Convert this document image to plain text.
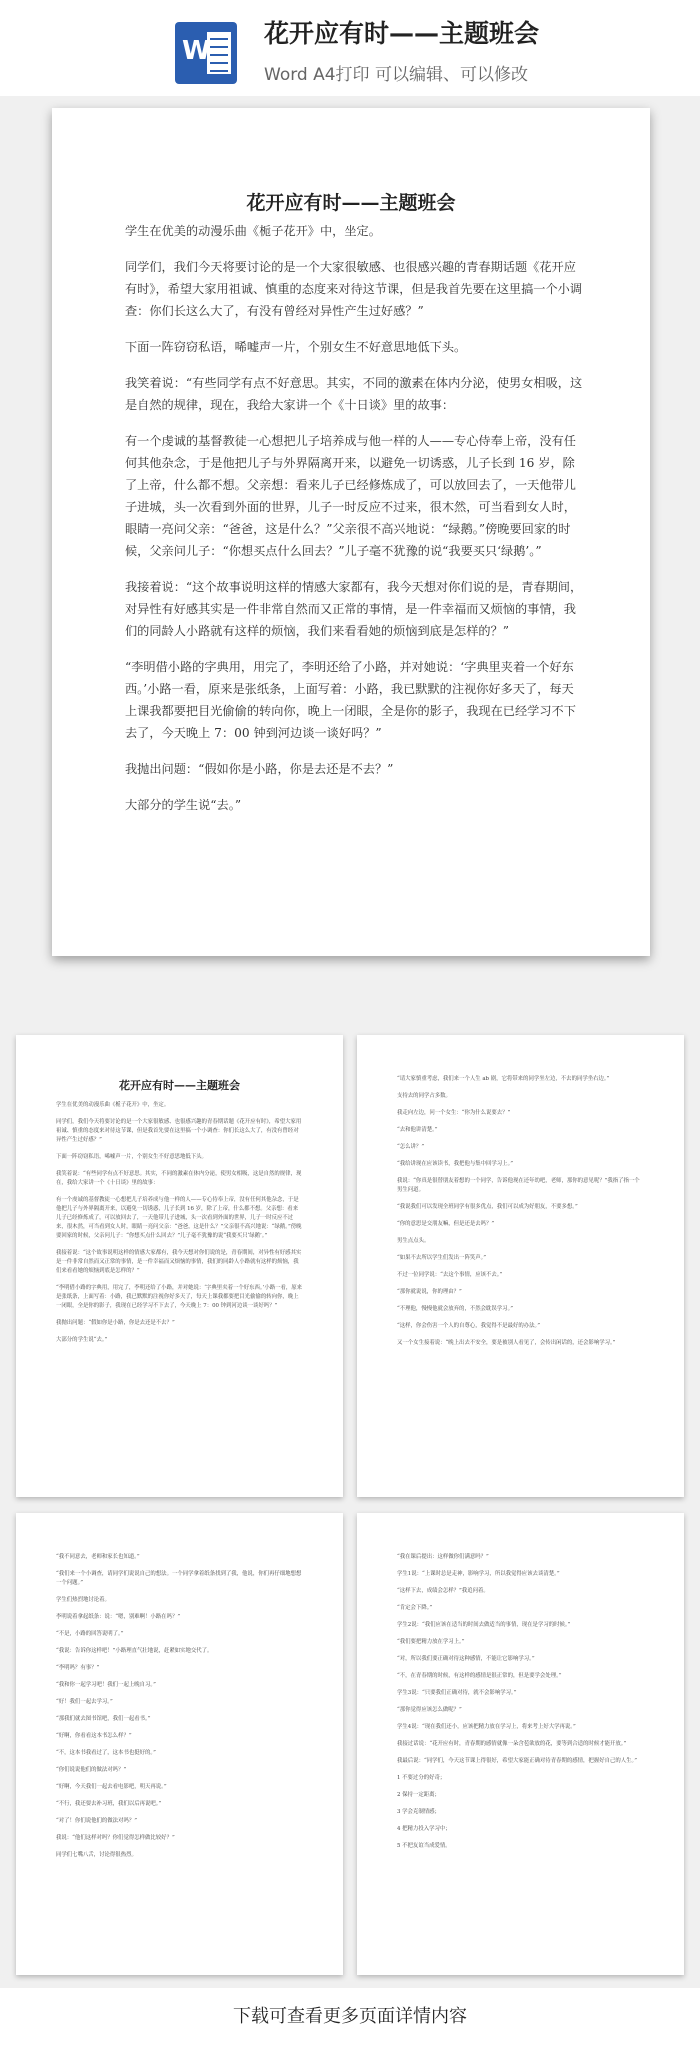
W
花开应有时——主题班会
Word A4打印 可以编辑、可以修改
花开应有时——主题班会

学生在优美的动漫乐曲《栀子花开》中，坐定。

同学们，我们今天将要讨论的是一个大家很敏感、也很感兴趣的青春期话题《花开应有时》，希望大家用祖诚、慎重的态度来对待这节课，但是我首先要在这里搞一个小调查：你们长这么大了，有没有曾经对异性产生过好感？”

下面一阵窃窃私语，唏嘘声一片，个别女生不好意思地低下头。

我笑着说：“有些同学有点不好意思。其实，不同的激素在体内分泌，使男女相吸，这是自然的规律，现在，我给大家讲一个《十日谈》里的故事：

有一个虔诚的基督教徒一心想把儿子培养成与他一样的人——专心侍奉上帝，没有任何其他杂念，于是他把儿子与外界隔离开来，以避免一切诱惑，儿子长到 16 岁，除了上帝，什么都不想。父亲想：看来儿子已经修炼成了，可以放回去了，一天他带儿子进城，头一次看到外面的世界，儿子一时反应不过来，很木然，可当看到女人时，眼睛一亮问父亲：“爸爸，这是什么？”父亲很不高兴地说：“绿鹅。”傍晚要回家的时候，父亲问儿子：“你想买点什么回去？”儿子毫不犹豫的说“我要买只‘绿鹅’。”

我接着说：“这个故事说明这样的情感大家都有，我今天想对你们说的是，青春期间，对异性有好感其实是一件非常自然而又正常的事情，是一件幸福而又烦恼的事情，我们的同龄人小路就有这样的烦恼，我们来看看她的烦恼到底是怎样的？”

“李明借小路的字典用，用完了，李明还给了小路，并对她说：‘字典里夹着一个好东西。’小路一看，原来是张纸条，上面写着：小路，我已默默的注视你好多天了，每天上课我都要把目光偷偷的转向你，晚上一闭眼，全是你的影子，我现在已经学习不下去了，今天晚上 7：00 钟到河边谈一谈好吗？”

我抛出问题：“假如你是小路，你是去还是不去？”

大部分的学生说“去。”

花开应有时——主题班会

学生在优美的动漫乐曲《栀子花开》中，坐定。

同学们，我们今天将要讨论的是一个大家很敏感、也很感兴趣的青春期话题《花开应有时》，希望大家用祖诚、慎重的态度来对待这节课，但是我首先要在这里搞一个小调查：你们长这么大了，有没有曾经对异性产生过好感？”

下面一阵窃窃私语，唏嘘声一片，个别女生不好意思地低下头。

我笑着说：“有些同学有点不好意思。其实，不同的激素在体内分泌，使男女相吸，这是自然的规律，现在，我给大家讲一个《十日谈》里的故事：

有一个虔诚的基督教徒一心想把儿子培养成与他一样的人——专心侍奉上帝，没有任何其他杂念，于是他把儿子与外界隔离开来，以避免一切诱惑，儿子长到 16 岁，除了上帝，什么都不想。父亲想：看来儿子已经修炼成了，可以放回去了，一天他带儿子进城，头一次看到外面的世界，儿子一时反应不过来，很木然，可当看到女人时，眼睛一亮问父亲：“爸爸，这是什么？”父亲很不高兴地说：“绿鹅。”傍晚要回家的时候，父亲问儿子：“你想买点什么回去？”儿子毫不犹豫的说“我要买只‘绿鹅’。”

我接着说：“这个故事说明这样的情感大家都有，我今天想对你们说的是，青春期间，对异性有好感其实是一件非常自然而又正常的事情，是一件幸福而又烦恼的事情，我们的同龄人小路就有这样的烦恼，我们来看看她的烦恼到底是怎样的？”

“李明借小路的字典用，用完了，李明还给了小路，并对她说：‘字典里夹着一个好东西。’小路一看，原来是张纸条，上面写着：小路，我已默默的注视你好多天了，每天上课我都要把目光偷偷的转向你，晚上一闭眼，全是你的影子，我现在已经学习不下去了，今天晚上 7：00 钟到河边谈一谈好吗？”

我抛出问题：“假如你是小路，你是去还是不去？”

大部分的学生说“去。”

“请大家慎重考虑，我们来一个人生 ab 剧，它将带来的同学坐左边，不去的同学坐右边。”

支持去的同学占多数。

我走向左边，问一个女生：“你为什么说要去？”

“去和他讲清楚。”

“怎么讲？”

“我给讲现在应该读书，我把他与集中回学习上。”

我说：“你真是很替朋友着想的一个同学，告诉他现在还年幼吧，老师，那你的意见呢？”我指了指一个男生问道。

“我说我们可以发现全班同学有很多优点，我们可以成为好朋友，不要多想。”

“你的意思是交朋友嘛，但是还是去吗？”

男生点点头。

“如果不去所以学生们发出一阵笑声。”

不过一位同学说：“去这个事情，应该不去。”

“那你就说说，你的理由？”

“不理他，慢慢他就会放弃的，不然会耽误学习。”

“这样，你会伤害一个人的自尊心，我觉得不是最好的办法。”

又一个女生接着说：“晚上出去不安全，要是被别人看见了，会传出闲话的，还会影响学习。”

“我不同意去，老师和家长也知道。”

“我们来一个小调查，请同学们说说自己的想法。一个同学拿着纸条找到了我，他说，你们再仔细地想想一个问题。”

学生们热烈地讨论着。

李明说着拿起纸条：说：“嗯，别难啊！小路在吗？”

“不是，小路的回答说明了。”

“我说：告诉你这样吧！”小路理直气壮地说，赶紧如实地交代了。

“李明吗？有事？”

“我和你一起学习吧！我们一起上晚自习。”

“好！我们一起去学习。”

“那我们就去图书馆吧，我们一起看书。”

“好啊，你看看这本书怎么样？”

“不，这本书我看过了，这本书也挺好的。”

“你们说说他们的做法对吗？”

“好啊，今天我们一起去看电影吧，明天再说。”

“不行，我还要去补习班，我们以后再说吧。”

“对了！你们说他们的做法对吗？”

我说：“他们这样对吗？你们觉得怎样做比较好？”

同学们七嘴八舌，讨论得很热烈。

“我在课后提出：这样做你们满意吗？”

学生1说：“上课时总是走神，影响学习，所以我觉得应该去谈清楚。”

“这样下去，成绩会怎样？”我追问着。

“肯定会下降。”

学生2说：“我们应该在适当的时间去做适当的事情，现在是学习的时候。”

“我们要把精力放在学习上。”

“对，所以我们要正确对待这种感情，不能让它影响学习。”

“不，在青春期的时候，有这样的感情是很正常的，但是要学会处理。”

学生3说：“只要我们正确对待，就不会影响学习。”

“那你觉得应该怎么做呢？”

学生4说：“现在我们还小，应该把精力放在学习上，将来考上好大学再说。”

我接过话说：“花开应有时，青春期的感情就像一朵含苞欲放的花，要等到合适的时候才能开放。”

我最后说：“同学们，今天这节课上得很好，希望大家能正确对待青春期的感情，把握好自己的人生。”

1 不要过分的好奇；

2 保持一定距离；

3 学会克制情感；

4 把精力投入学习中；

5 不把友谊当成爱情。

下载可查看更多页面详情内容
